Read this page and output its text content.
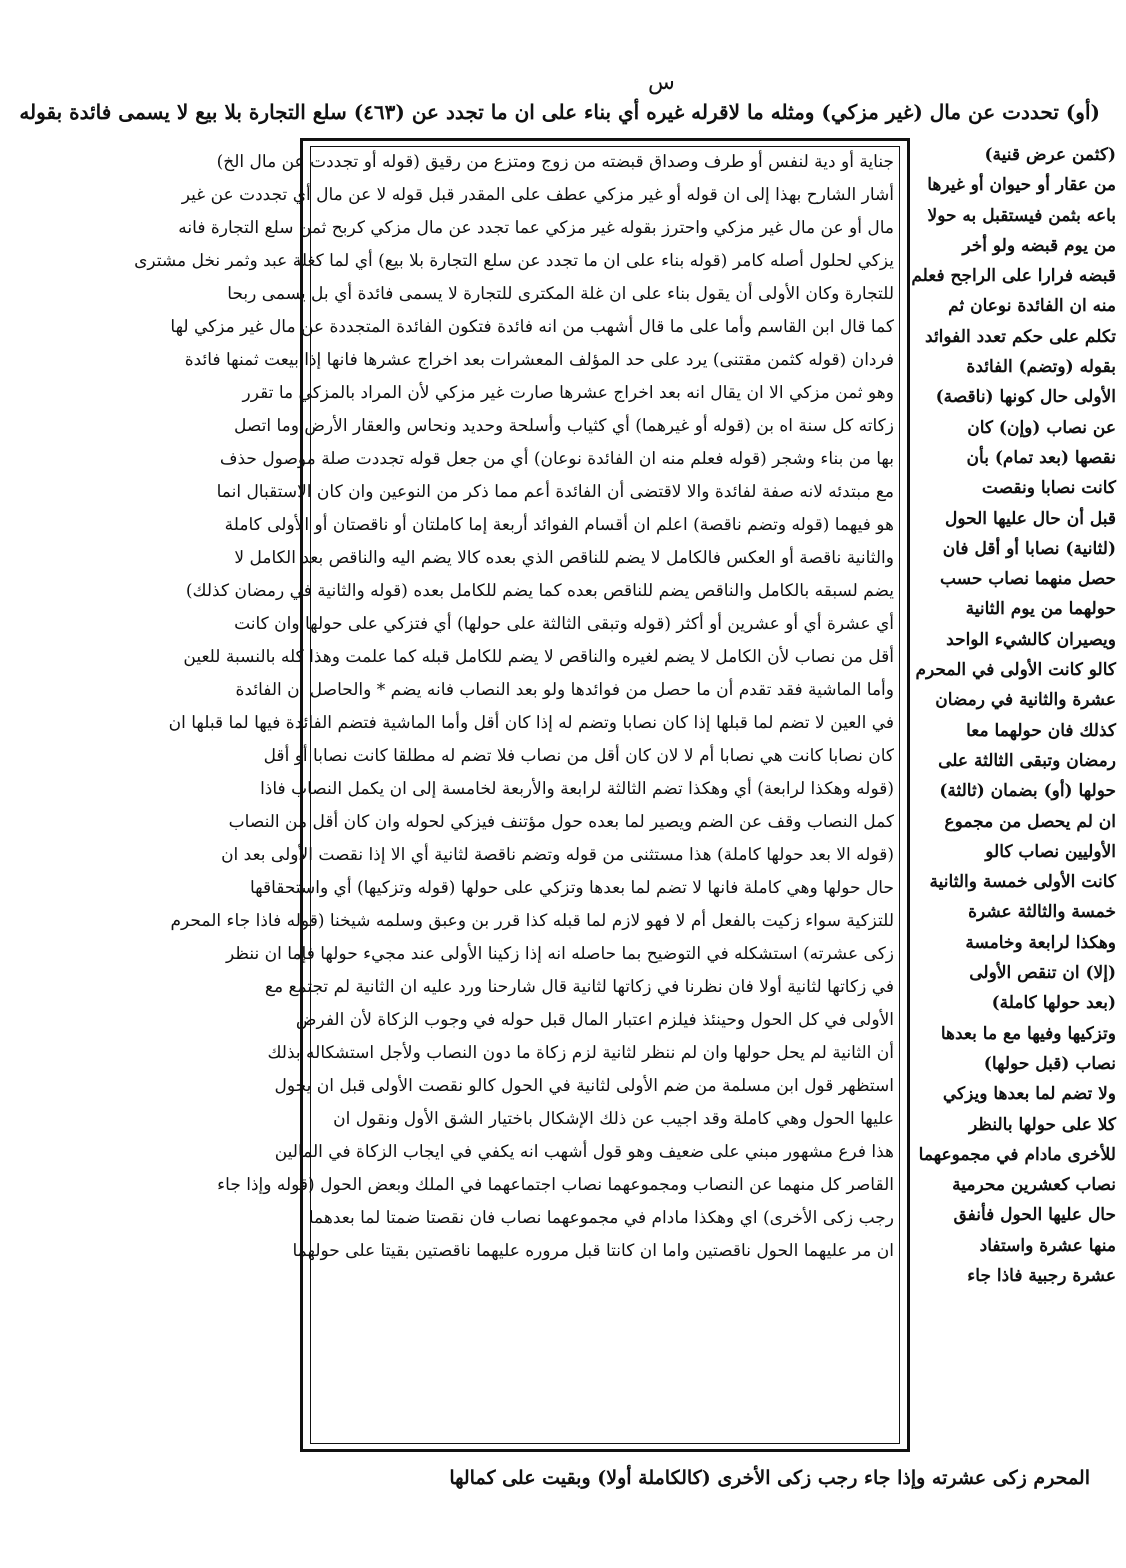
س
(أو) تحددت عن مال (غير مزكي) ومثله ما لاقرله غيره أي بناء على ان ما تجدد عن (٤٦٣) سلع التجارة بلا بيع لا يسمى فائدة بقوله
(كثمن عرض قنية)
من عقار أو حيوان أو غيرها
باعه بثمن فيستقبل به حولا
من يوم قبضه ولو أخر
قبضه فرارا على الراجح فعلم
منه ان الفائدة نوعان ثم
تكلم على حكم تعدد الفوائد
بقوله (وتضم) الفائدة
الأولى حال كونها (ناقصة)
عن نصاب (وإن) كان
نقصها (بعد تمام) بأن
كانت نصابا ونقصت
قبل أن حال عليها الحول
(لثانية) نصابا أو أقل فان
حصل منهما نصاب حسب
حولهما من يوم الثانية
ويصيران كالشيء الواحد
كالو كانت الأولى في المحرم
عشرة والثانية في رمضان
كذلك فان حولهما معا
رمضان وتبقى الثالثة على
حولها (أو) بضمان (ثالثة)
ان لم يحصل من مجموع
الأوليين نصاب كالو
كانت الأولى خمسة والثانية
خمسة والثالثة عشرة
وهكذا لرابعة وخامسة
(إلا) ان تنقص الأولى
(بعد حولها كاملة)
وتزكيها وفيها مع ما بعدها
نصاب (قبل حولها)
ولا تضم لما بعدها ويزكي
كلا على حولها بالنظر
للأخرى مادام في مجموعهما
نصاب كعشرين محرمية
حال عليها الحول فأنفق
منها عشرة واستفاد
عشرة رجبية فاذا جاء
جناية أو دية لنفس أو طرف وصداق قبضته من زوج ومتزع من رقيق (قوله أو تجددت عن مال الخ)
أشار الشارح بهذا إلى ان قوله أو غير مزكي عطف على المقدر قبل قوله لا عن مال أي تجددت عن غير
مال أو عن مال غير مزكي واحترز بقوله غير مزكي عما تجدد عن مال مزكي كربح ثمن سلع التجارة فانه
يزكي لحلول أصله كامر (قوله بناء على ان ما تجدد عن سلع التجارة بلا بيع) أي لما كغلة عبد وثمر نخل مشترى
للتجارة وكان الأولى أن يقول بناء على ان غلة المكترى للتجارة لا يسمى فائدة أي بل يسمى ربحا
كما قال ابن القاسم وأما على ما قال أشهب من انه فائدة فتكون الفائدة المتجددة عن مال غير مزكي لها
فردان (قوله كثمن مقتنى) يرد على حد المؤلف المعشرات بعد اخراج عشرها فانها إذا بيعت ثمنها فائدة
وهو ثمن مزكي الا ان يقال انه بعد اخراج عشرها صارت غير مزكي لأن المراد بالمزكي ما تقرر
زكاته كل سنة اه بن (قوله أو غيرهما) أي كثياب وأسلحة وحديد ونحاس والعقار الأرض وما اتصل
بها من بناء وشجر (قوله فعلم منه ان الفائدة نوعان) أي من جعل قوله تجددت صلة موصول حذف
مع مبتدئه لانه صفة لفائدة والا لاقتضى أن الفائدة أعم مما ذكر من النوعين وان كان الاستقبال انما
هو فيهما (قوله وتضم ناقصة) اعلم ان أقسام الفوائد أربعة إما كاملتان أو ناقصتان أو الأولى كاملة
والثانية ناقصة أو العكس فالكامل لا يضم للناقص الذي بعده كالا يضم اليه والناقص بعد الكامل لا
يضم لسبقه بالكامل والناقص يضم للناقص بعده كما يضم للكامل بعده (قوله والثانية في رمضان كذلك)
أي عشرة أي أو عشرين أو أكثر (قوله وتبقى الثالثة على حولها) أي فتزكي على حولها وان كانت
أقل من نصاب لأن الكامل لا يضم لغيره والناقص لا يضم للكامل قبله كما علمت وهذا كله بالنسبة للعين
وأما الماشية فقد تقدم أن ما حصل من فوائدها ولو بعد النصاب فانه يضم * والحاصل ان الفائدة
في العين لا تضم لما قبلها إذا كان نصابا وتضم له إذا كان أقل وأما الماشية فتضم الفائدة فيها لما قبلها ان
كان نصابا كانت هي نصابا أم لا لان كان أقل من نصاب فلا تضم له مطلقا كانت نصابا أو أقل
(قوله وهكذا لرابعة) أي وهكذا تضم الثالثة لرابعة والأربعة لخامسة إلى ان يكمل النصاب فاذا
كمل النصاب وقف عن الضم ويصير لما بعده حول مؤتنف فيزكي لحوله وان كان أقل من النصاب
(قوله الا بعد حولها كاملة) هذا مستثنى من قوله وتضم ناقصة لثانية أي الا إذا نقصت الأولى بعد ان
حال حولها وهي كاملة فانها لا تضم لما بعدها وتزكي على حولها (قوله وتزكيها) أي واستحقاقها
للتزكية سواء زكيت بالفعل أم لا فهو لازم لما قبله كذا قرر بن وعبق وسلمه شيخنا (قوله فاذا جاء المحرم
زكى عشرته) استشكله في التوضيح بما حاصله انه إذا زكينا الأولى عند مجيء حولها فإما ان ننظر
في زكاتها لثانية أولا فان نظرنا في زكاتها لثانية قال شارحنا ورد عليه ان الثانية لم تجتمع مع
الأولى في كل الحول وحينئذ فيلزم اعتبار المال قبل حوله في وجوب الزكاة لأن الفرض
أن الثانية لم يحل حولها وان لم ننظر لثانية لزم زكاة ما دون النصاب ولأجل استشكاله بذلك
استظهر قول ابن مسلمة من ضم الأولى لثانية في الحول كالو نقصت الأولى قبل ان يحول
عليها الحول وهي كاملة وقد اجيب عن ذلك الإشكال باختيار الشق الأول ونقول ان
هذا فرع مشهور مبني على ضعيف وهو قول أشهب انه يكفي في ايجاب الزكاة في المالين
القاصر كل منهما عن النصاب ومجموعهما نصاب اجتماعهما في الملك وبعض الحول (قوله وإذا جاء
رجب زكى الأخرى) اي وهكذا مادام في مجموعهما نصاب فان نقصتا ضمتا لما بعدهما
ان مر عليهما الحول ناقصتين واما ان كانتا قبل مروره عليهما ناقصتين بقيتا على حولهما
المحرم زكى عشرته وإذا جاء رجب زكى الأخرى (كالكاملة أولا) وبقيت على كمالها
